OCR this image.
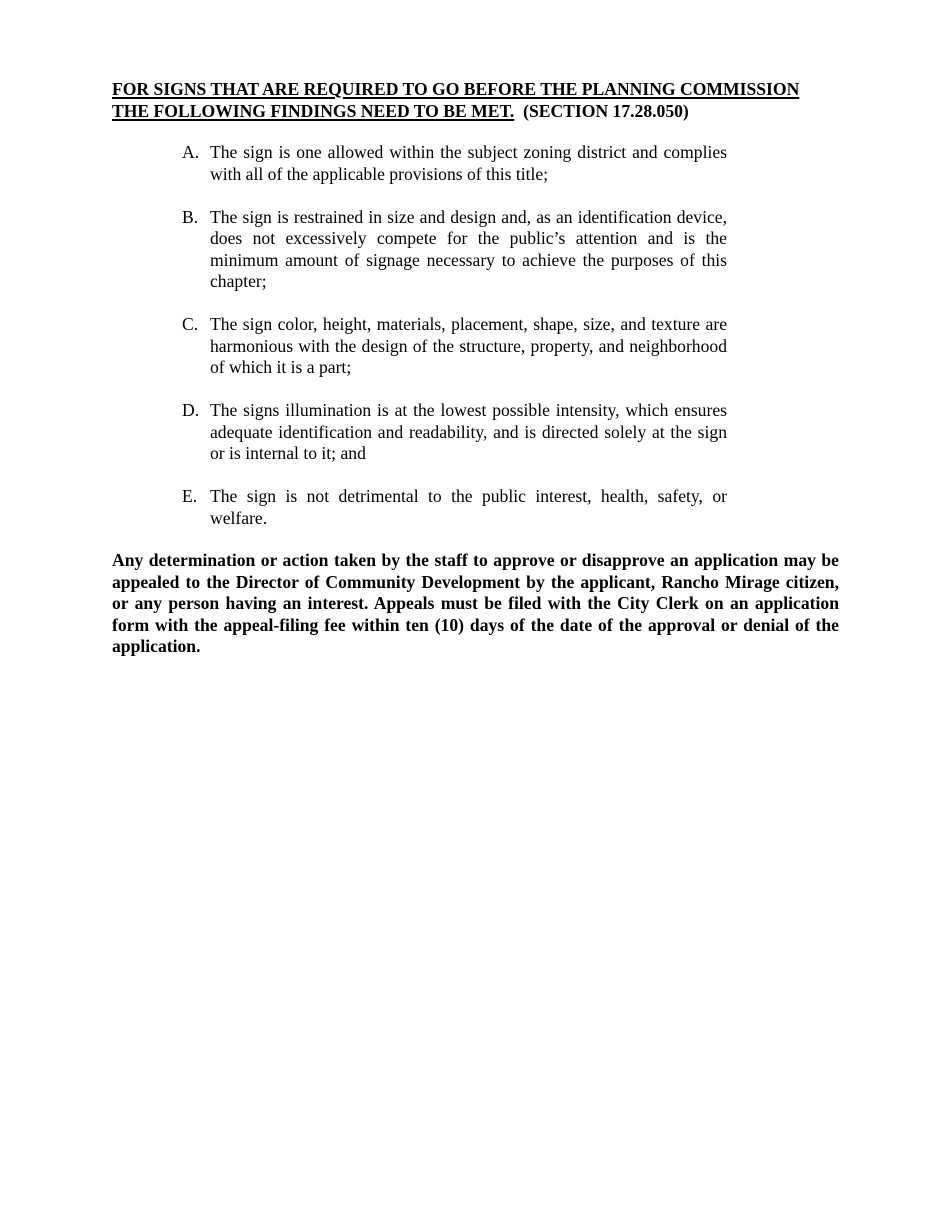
FOR SIGNS THAT ARE REQUIRED TO GO BEFORE THE PLANNING COMMISSION
THE FOLLOWING FINDINGS NEED TO BE MET. (SECTION 17.28.050)
A. The sign is one allowed within the subject zoning district and complies with all of the applicable provisions of this title;
B. The sign is restrained in size and design and, as an identification device, does not excessively compete for the public’s attention and is the minimum amount of signage necessary to achieve the purposes of this chapter;
C. The sign color, height, materials, placement, shape, size, and texture are harmonious with the design of the structure, property, and neighborhood of which it is a part;
D. The signs illumination is at the lowest possible intensity, which ensures adequate identification and readability, and is directed solely at the sign or is internal to it; and
E. The sign is not detrimental to the public interest, health, safety, or welfare.

Any determination or action taken by the staff to approve or disapprove an application may be appealed to the Director of Community Development by the applicant, Rancho Mirage citizen, or any person having an interest. Appeals must be filed with the City Clerk on an application form with the appeal-filing fee within ten (10) days of the date of the approval or denial of the application.
